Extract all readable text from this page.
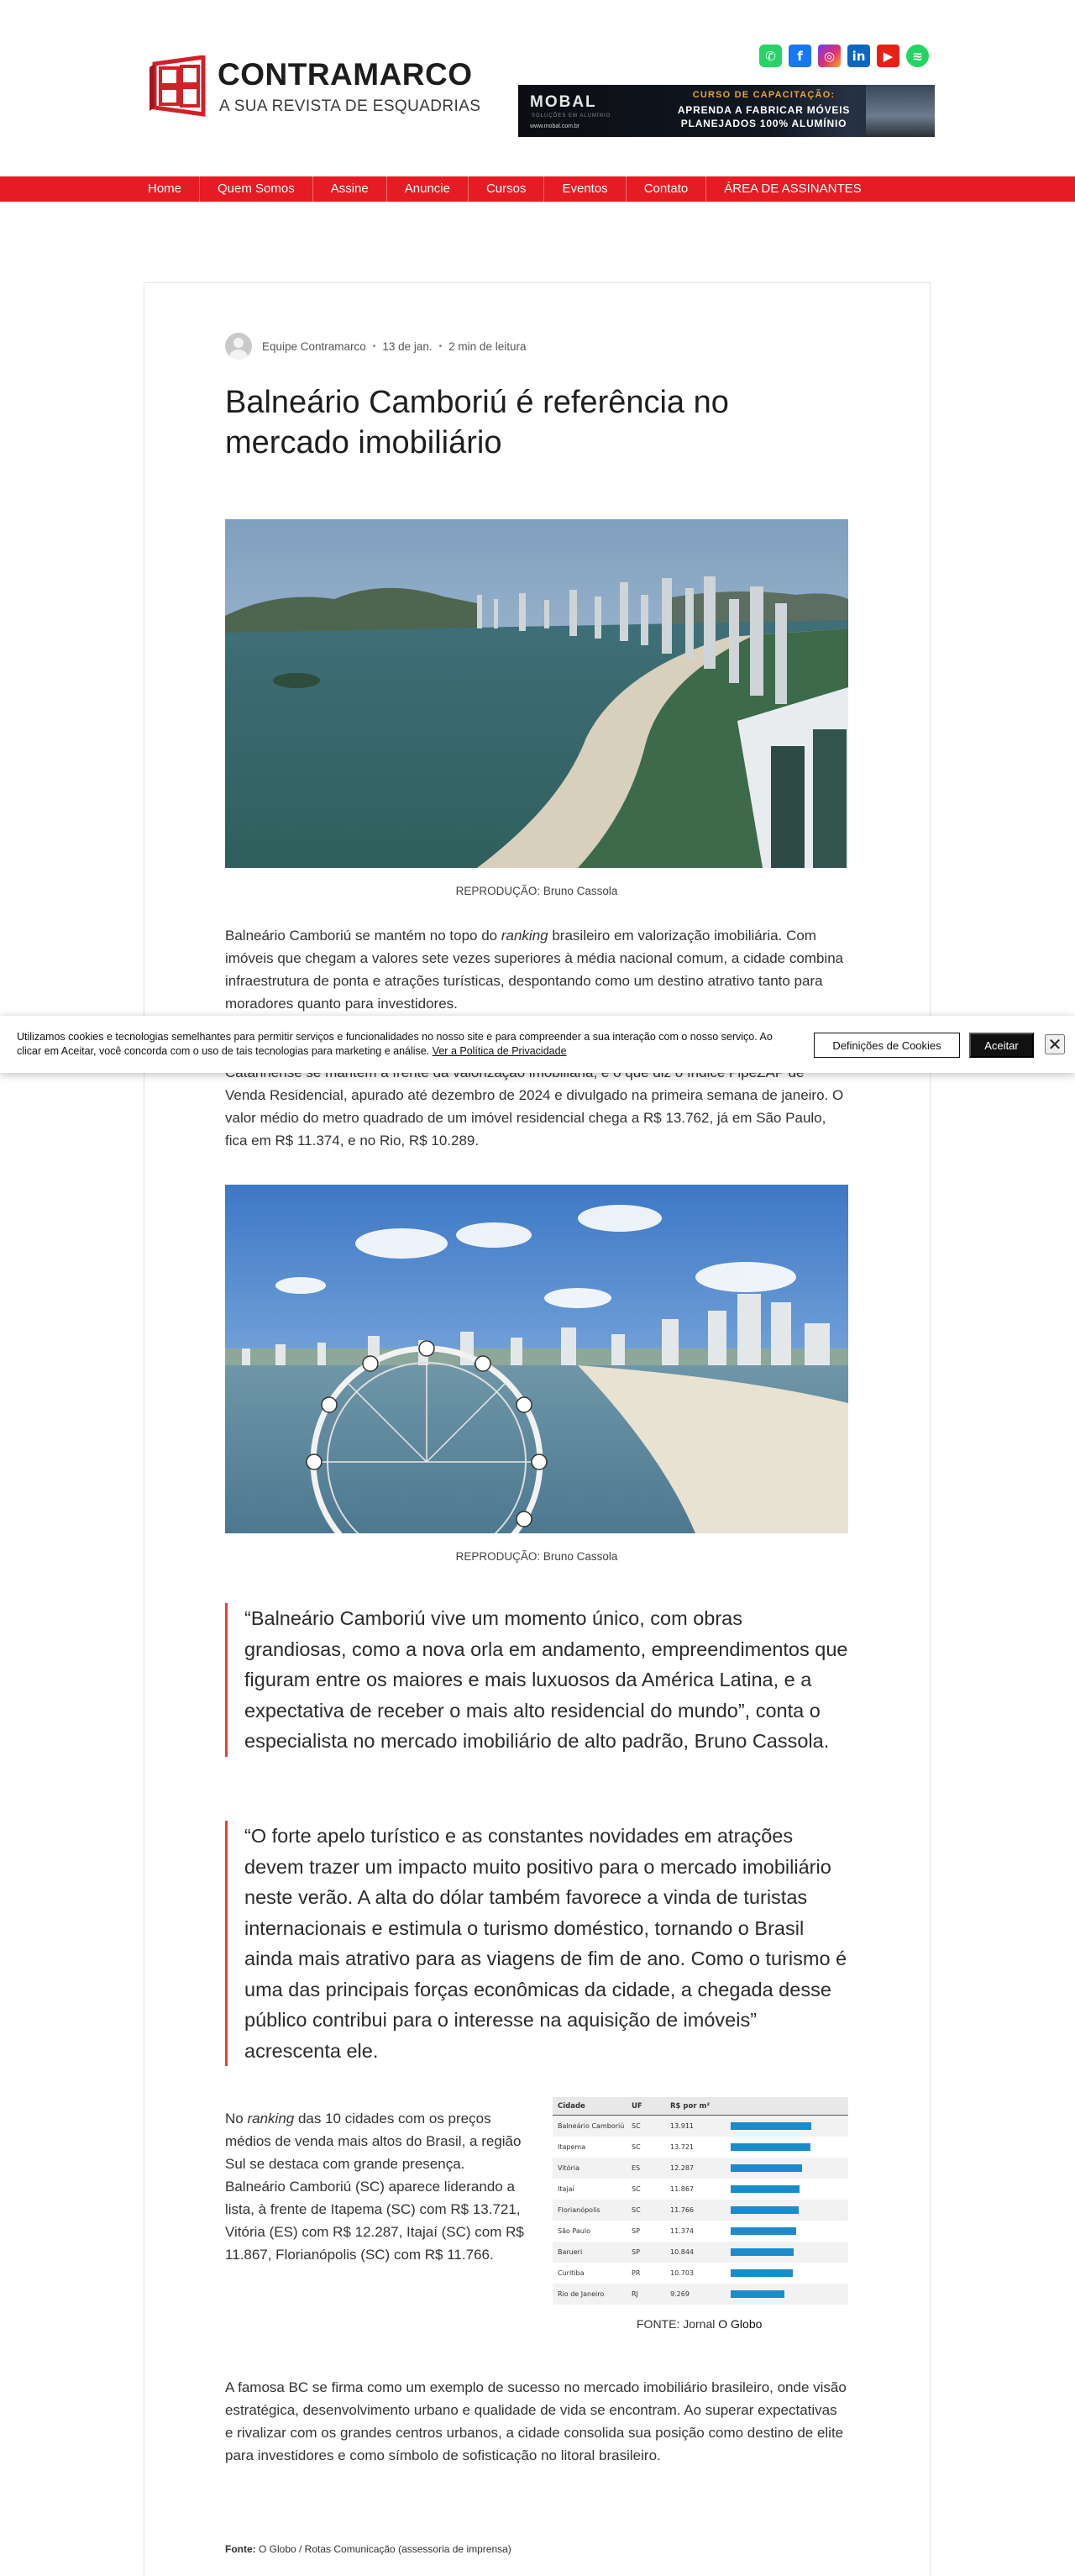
CONTRAMARCO
A SUA REVISTA DE ESQUADRIAS
✆	f	◎	in	▶	≋
MOBAL
SOLUÇÕES EM ALUMÍNIO
www.mobal.com.br
CURSO DE CAPACITAÇÃO:
APRENDA A FABRICAR MÓVEIS
PLANEJADOS 100% ALUMÍNIO
Home	Quem Somos	Assine	Anuncie	Cursos	Eventos	Contato	ÁREA DE ASSINANTES
Equipe Contramarco • 13 de jan. • 2 min de leitura
Balneário Camboriú é referência no mercado imobiliário
REPRODUÇÃO: Bruno Cassola

Balneário Camboriú se mantém no topo do ranking brasileiro em valorização imobiliária. Com imóveis que chegam a valores sete vezes superiores à média nacional comum, a cidade combina infraestrutura de ponta e atrações turísticas, despontando como um destino atrativo tanto para moradores quanto para investidores.

Venda Residencial, apurado até dezembro de 2024 e divulgado na primeira semana de janeiro. O valor médio do metro quadrado de um imóvel residencial chega a R$ 13.762, já em São Paulo, fica em R$ 11.374, e no Rio, R$ 10.289.

REPRODUÇÃO: Bruno Cassola
“Balneário Camboriú vive um momento único, com obras grandiosas, como a nova orla em andamento, empreendimentos que figuram entre os maiores e mais luxuosos da América Latina, e a expectativa de receber o mais alto residencial do mundo”, conta o especialista no mercado imobiliário de alto padrão, Bruno Cassola.
“O forte apelo turístico e as constantes novidades em atrações devem trazer um impacto muito positivo para o mercado imobiliário neste verão. A alta do dólar também favorece a vinda de turistas internacionais e estimula o turismo doméstico, tornando o Brasil ainda mais atrativo para as viagens de fim de ano. Como o turismo é uma das principais forças econômicas da cidade, a chegada desse público contribui para o interesse na aquisição de imóveis” acrescenta ele.

No ranking das 10 cidades com os preços médios de venda mais altos do Brasil, a região Sul se destaca com grande presença.
Balneário Camboriú (SC) aparece liderando a lista, à frente de Itapema (SC) com R$ 13.721, Vitória (ES) com R$ 12.287, Itajaí (SC) com R$ 11.867, Florianópolis (SC) com R$ 11.766.

Cidade	UF	R$ por m²
Balneário Camboriú	SC	13.911
Itapema	SC	13.721
Vitória	ES	12.287
Itajaí	SC	11.867
Florianópolis	SC	11.766
São Paulo	SP	11.374
Barueri	SP	10.844
Curitiba	PR	10.703
Rio de Janeiro	RJ	9.269
FONTE: Jornal O Globo

A famosa BC se firma como um exemplo de sucesso no mercado imobiliário brasileiro, onde visão estratégica, desenvolvimento urbano e qualidade de vida se encontram. Ao superar expectativas e rivalizar com os grandes centros urbanos, a cidade consolida sua posição como destino de elite para investidores e como símbolo de sofisticação no litoral brasileiro.

Fonte: O Globo / Rotas Comunicação (assessoria de imprensa)

Utilizamos cookies e tecnologias semelhantes para permitir serviços e funcionalidades no nosso site e para compreender a sua interação com o nosso serviço. Ao clicar em Aceitar, você concorda com o uso de tais tecnologias para marketing e análise. Ver a Política de Privacidade	Definições de Cookies	Aceitar	✕
